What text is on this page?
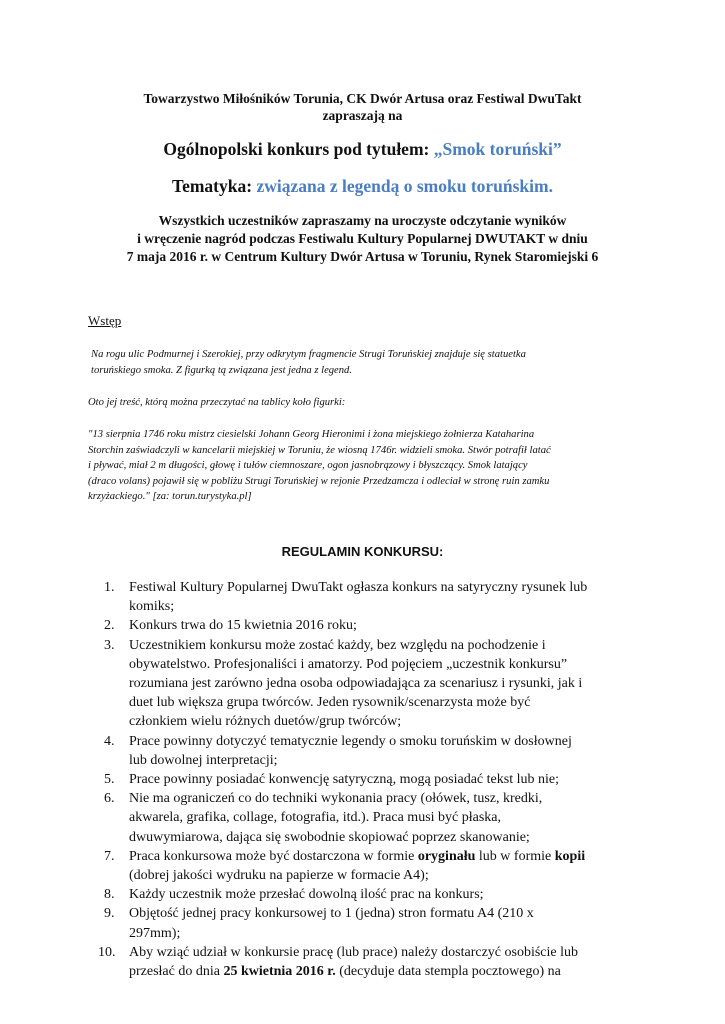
Towarzystwo Miłośników Torunia, CK Dwór Artusa oraz Festiwal DwuTakt
zapraszają na
Ogólnopolski konkurs pod tytułem: „Smok toruński”
Tematyka: związana z legendą o smoku toruńskim.
Wszystkich uczestników zapraszamy na uroczyste odczytanie wyników
i wręczenie nagród podczas Festiwalu Kultury Popularnej DWUTAKT w dniu
7 maja 2016 r. w Centrum Kultury Dwór Artusa w Toruniu, Rynek Staromiejski 6
Wstęp
Na rogu ulic Podmurnej i Szerokiej, przy odkrytym fragmencie Strugi Toruńskiej znajduje się statuetka
toruńskiego smoka. Z figurką tą związana jest jedna z legend.
Oto jej treść, którą można przeczytać na tablicy koło figurki:
"13 sierpnia 1746 roku mistrz ciesielski Johann Georg Hieronimi i żona miejskiego żołnierza Kataharina
Storchin zaświadczyli w kancelarii miejskiej w Toruniu, że wiosną 1746r. widzieli smoka. Stwór potrafił latać
i pływać, miał 2 m długości, głowę i tułów ciemnoszare, ogon jasnobrązowy i błyszczący. Smok latający
(draco volans) pojawił się w pobliżu Strugi Toruńskiej w rejonie Przedzamcza i odleciał w stronę ruin zamku
krzyżackiego." [za: torun.turystyka.pl]
REGULAMIN KONKURSU:
1. Festiwal Kultury Popularnej DwuTakt ogłasza konkurs na satyryczny rysunek lub
komiks;
2. Konkurs trwa do 15 kwietnia 2016 roku;
3. Uczestnikiem konkursu może zostać każdy, bez względu na pochodzenie i
obywatelstwo. Profesjonaliści i amatorzy. Pod pojęciem „uczestnik konkursu”
rozumiana jest zarówno jedna osoba odpowiadająca za scenariusz i rysunki, jak i
duet lub większa grupa twórców. Jeden rysownik/scenarzysta może być
członkiem wielu różnych duetów/grup twórców;
4. Prace powinny dotyczyć tematycznie legendy o smoku toruńskim w dosłownej
lub dowolnej interpretacji;
5. Prace powinny posiadać konwencję satyryczną, mogą posiadać tekst lub nie;
6. Nie ma ograniczeń co do techniki wykonania pracy (ołówek, tusz, kredki,
akwarela, grafika, collage, fotografia, itd.). Praca musi być płaska,
dwuwymiarowa, dająca się swobodnie skopiować poprzez skanowanie;
7. Praca konkursowa może być dostarczona w formie oryginału lub w formie kopii
(dobrej jakości wydruku na papierze w formacie A4);
8. Każdy uczestnik może przesłać dowolną ilość prac na konkurs;
9. Objętość jednej pracy konkursowej to 1 (jedna) stron formatu A4 (210 x
297mm);
10. Aby wziąć udział w konkursie pracę (lub prace) należy dostarczyć osobiście lub
przesłać do dnia 25 kwietnia 2016 r. (decyduje data stempla pocztowego) na
